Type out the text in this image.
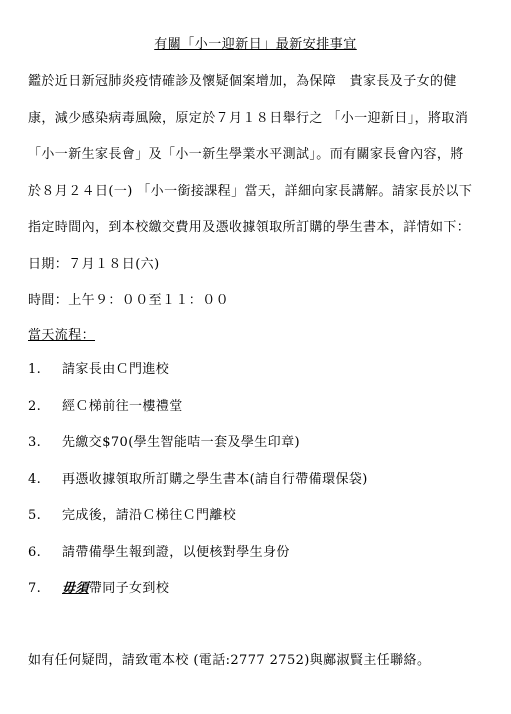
有關「小一迎新日」最新安排事宜
鑑於近日新冠肺炎疫情確診及懷疑個案增加，為保障　貴家長及子女的健
康，減少感染病毒風險，原定於７月１８日舉行之 「小一迎新日」，將取消
「小一新生家長會」及「小一新生學業水平測試」。而有關家長會內容，將
於８月２４日(一) 「小一銜接課程」當天，詳細向家長講解。請家長於以下
指定時間內，到本校繳交費用及憑收據領取所訂購的學生書本，詳情如下：
日期：７月１８日(六)
時間：上午９：００至１１：００
當天流程：
1. 請家長由Ｃ門進校
2. 經Ｃ梯前往一樓禮堂
3. 先繳交$70(學生智能咭一套及學生印章)
4. 再憑收據領取所訂購之學生書本(請自行帶備環保袋)
5. 完成後，請沿Ｃ梯往Ｃ門離校
6. 請帶備學生報到證，以便核對學生身份
7. 毋須帶同子女到校
如有任何疑問，請致電本校 (電話:2777 2752)與鄺淑賢主任聯絡。
